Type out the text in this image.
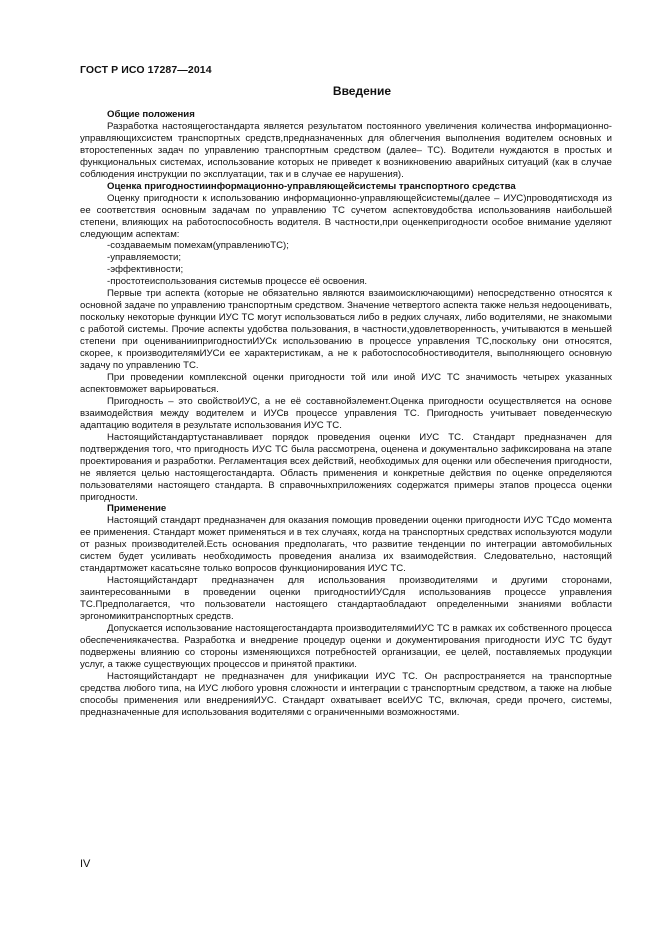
ГОСТ Р ИСО 17287—2014
Введение
Общие положения
Разработка настоящегостандарта является результатом постоянного увеличения количества информационно-управляющихсистем транспортных средств,предназначенных для облегчения выполнения водителем основных и второстепенных задач по управлению транспортным средством (далее– ТС). Водители нуждаются в простых и функциональных системах, использование которых не приведет к возникновению аварийных ситуаций (как в случае соблюдения инструкции по эксплуатации, так и в случае ее нарушения).
Оценка пригодностиинформационно-управляющейсистемы транспортного средства
Оценку пригодности к использованию информационно-управляющейсистемы(далее – ИУС)проводятисходя из ее соответствия основным задачам по управлению ТС сучетом аспектовудобства использованияв наибольшей степени, влияющих на работоспособность водителя. В частности,при оценкепригодности особое внимание уделяют следующим аспектам:
-создаваемым помехам(управлениюТС);
-управляемости;
-эффективности;
-простотеиспользования системыв процессе её освоения.
Первые три аспекта (которые не обязательно являются взаимоисключающими) непосредственно относятся к основной задаче по управлению транспортным средством. Значение четвертого аспекта также нельзя недооценивать, поскольку некоторые функции ИУС ТС могут использоваться либо в редких случаях, либо водителями, не знакомыми с работой системы. Прочие аспекты удобства пользования, в частности,удовлетворенность, учитываются в меньшей степени при оцениваниипригодностиИУСк использованию в процессе управления ТС,поскольку они относятся, скорее, к производителямИУСи ее характеристикам, а не к работоспособностиводителя, выполняющего основную задачу по управлению ТС.
При проведении комплексной оценки пригодности той или иной ИУС ТС значимость четырех указанных аспектовможет варьироваться.
Пригодность – это свойствоИУС, а не её составнойэлемент.Оценка пригодности осуществляется на основе взаимодействия между водителем и ИУСв процессе управления ТС. Пригодность учитывает поведенческую адаптацию водителя в результате использования ИУС ТС.
Настоящийстандартустанавливает порядок проведения оценки ИУС ТС. Стандарт предназначен для подтверждения того, что пригодность ИУС ТС была рассмотрена, оценена и документально зафиксирована на этапе проектирования и разработки. Регламентация всех действий, необходимых для оценки или обеспечения пригодности, не является целью настоящегостандарта. Область применения и конкретные действия по оценке определяются пользователями настоящего стандарта. В справочныхприложениях содержатся примеры этапов процесса оценки пригодности.
Применение
Настоящий стандарт предназначен для оказания помощив проведении оценки пригодности ИУС ТСдо момента ее применения. Стандарт может применяться и в тех случаях, когда на транспортных средствах используются модули от разных производителей.Есть основания предполагать, что развитие тенденции по интеграции автомобильных систем будет усиливать необходимость проведения анализа их взаимодействия. Следовательно, настоящий стандартможет касатьсяне только вопросов функционирования ИУС ТС.
Настоящийстандарт предназначен для использования производителями и другими сторонами, заинтересованными в проведении оценки пригодностиИУСдля использованияв процессе управления ТС.Предполагается, что пользователи настоящего стандартаобладают определенными знаниями вобласти эргономикитранспортных средств.
Допускается использование настоящегостандарта производителямиИУС ТС в рамках их собственного процесса обеспечениякачества. Разработка и внедрение процедур оценки и документирования пригодности ИУС ТС будут подвержены влиянию со стороны изменяющихся потребностей организации, ее целей, поставляемых продукции услуг, а также существующих процессов и принятой практики.
Настоящийстандарт не предназначен для унификации ИУС ТС. Он распространяется на транспортные средства любого типа, на ИУС любого уровня сложности и интеграции с транспортным средством, а также на любые способы применения или внедренияИУС. Стандарт охватывает всеИУС ТС, включая, среди прочего, системы, предназначенные для использования водителями с ограниченными возможностями.
IV
